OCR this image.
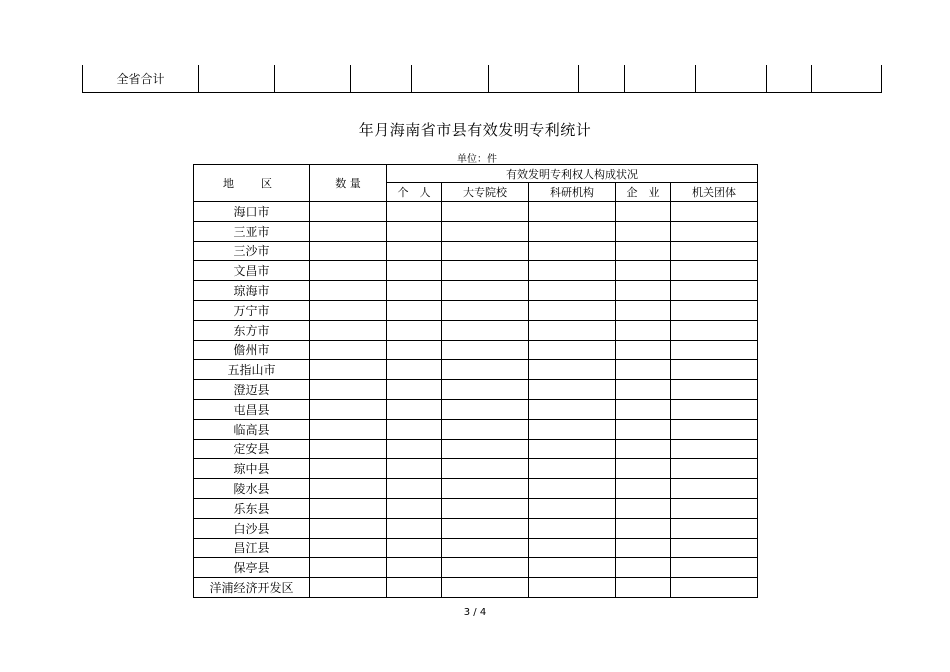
全省合计										
年月海南省市县有效发明专利统计
单位：件
地　区	数 量	有效发明专利权人构成状况				
		个　人	大专院校	科研机构	企　业	机关团体
海口市						
三亚市						
三沙市						
文昌市						
琼海市						
万宁市						
东方市						
儋州市						
五指山市						
澄迈县						
屯昌县						
临高县						
定安县						
琼中县						
陵水县						
乐东县						
白沙县						
昌江县						
保亭县						
洋浦经济开发区						
3 / 4
